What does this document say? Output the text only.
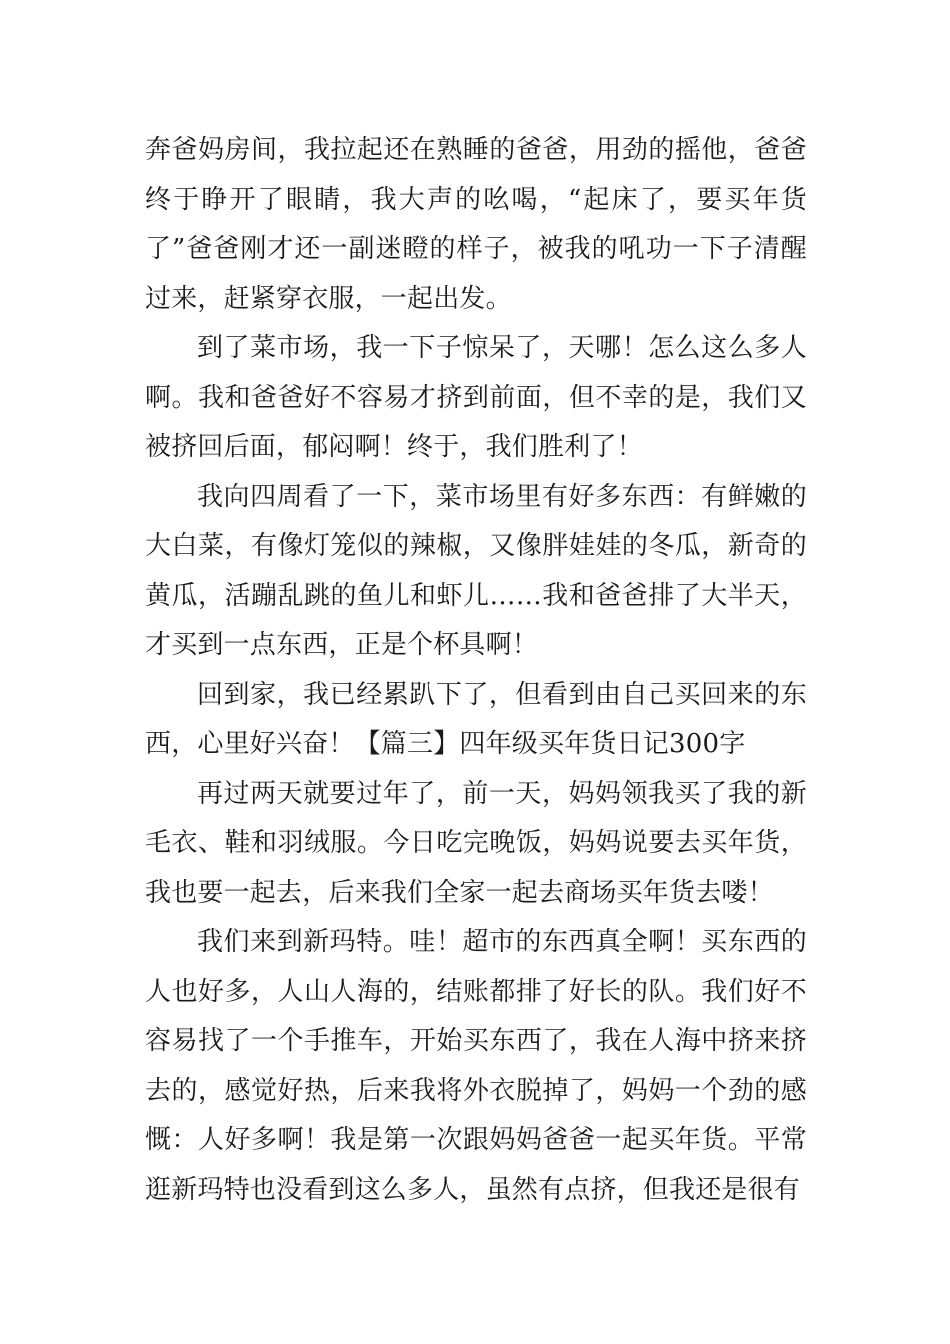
奔爸妈房间，我拉起还在熟睡的爸爸，用劲的摇他，爸爸终于睁开了眼睛，我大声的吆喝，“起床了，要买年货了”爸爸刚才还一副迷瞪的样子，被我的吼功一下子清醒过来，赶紧穿衣服，一起出发。

到了菜市场，我一下子惊呆了，天哪！怎么这么多人啊。我和爸爸好不容易才挤到前面，但不幸的是，我们又被挤回后面，郁闷啊！终于，我们胜利了！

我向四周看了一下，菜市场里有好多东西：有鲜嫩的大白菜，有像灯笼似的辣椒，又像胖娃娃的冬瓜，新奇的黄瓜，活蹦乱跳的鱼儿和虾儿……我和爸爸排了大半天，才买到一点东西，正是个杯具啊！

回到家，我已经累趴下了，但看到由自己买回来的东西，心里好兴奋！【篇三】四年级买年货日记300字

再过两天就要过年了，前一天，妈妈领我买了我的新毛衣、鞋和羽绒服。今日吃完晚饭，妈妈说要去买年货，我也要一起去，后来我们全家一起去商场买年货去喽！

我们来到新玛特。哇！超市的东西真全啊！买东西的人也好多，人山人海的，结账都排了好长的队。我们好不容易找了一个手推车，开始买东西了，我在人海中挤来挤去的，感觉好热，后来我将外衣脱掉了，妈妈一个劲的感慨：人好多啊！我是第一次跟妈妈爸爸一起买年货。平常逛新玛特也没看到这么多人，虽然有点挤，但我还是很有
